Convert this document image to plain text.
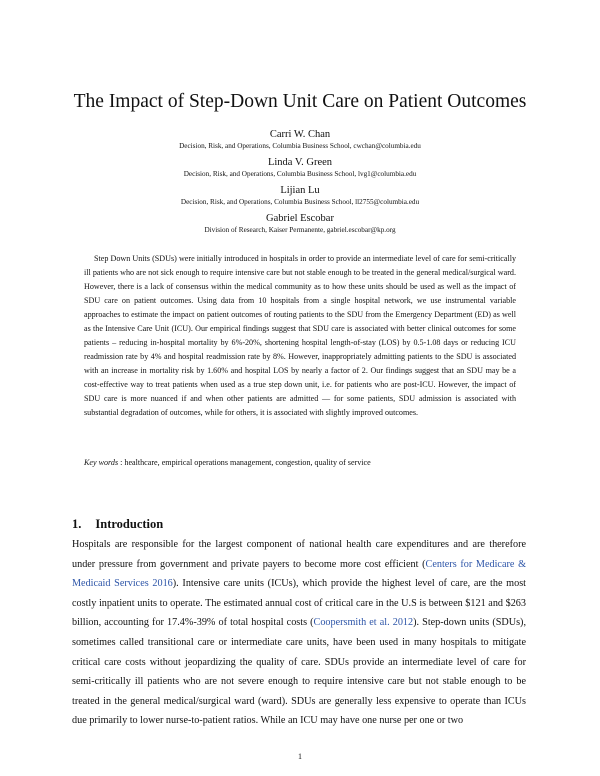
The Impact of Step-Down Unit Care on Patient Outcomes
Carri W. Chan
Decision, Risk, and Operations, Columbia Business School, cwchan@columbia.edu
Linda V. Green
Decision, Risk, and Operations, Columbia Business School, lvg1@columbia.edu
Lijian Lu
Decision, Risk, and Operations, Columbia Business School, ll2755@columbia.edu
Gabriel Escobar
Division of Research, Kaiser Permanente, gabriel.escobar@kp.org

Step Down Units (SDUs) were initially introduced in hospitals in order to provide an intermediate level of care for semi-critically ill patients who are not sick enough to require intensive care but not stable enough to be treated in the general medical/surgical ward. However, there is a lack of consensus within the medical community as to how these units should be used as well as the impact of SDU care on patient outcomes. Using data from 10 hospitals from a single hospital network, we use instrumental variable approaches to estimate the impact on patient outcomes of routing patients to the SDU from the Emergency Department (ED) as well as the Intensive Care Unit (ICU). Our empirical findings suggest that SDU care is associated with better clinical outcomes for some patients – reducing in-hospital mortality by 6%-20%, shortening hospital length-of-stay (LOS) by 0.5-1.08 days or reducing ICU readmission rate by 4% and hospital readmission rate by 8%. However, inappropriately admitting patients to the SDU is associated with an increase in mortality risk by 1.60% and hospital LOS by nearly a factor of 2. Our findings suggest that an SDU may be a cost-effective way to treat patients when used as a true step down unit, i.e. for patients who are post-ICU. However, the impact of SDU care is more nuanced if and when other patients are admitted — for some patients, SDU admission is associated with substantial degradation of outcomes, while for others, it is associated with slightly improved outcomes.

Key words : healthcare, empirical operations management, congestion, quality of service
1. Introduction

Hospitals are responsible for the largest component of national health care expenditures and are therefore under pressure from government and private payers to become more cost efficient (Centers for Medicare & Medicaid Services 2016). Intensive care units (ICUs), which provide the highest level of care, are the most costly inpatient units to operate. The estimated annual cost of critical care in the U.S is between $121 and $263 billion, accounting for 17.4%-39% of total hospital costs (Coopersmith et al. 2012). Step-down units (SDUs), sometimes called transitional care or intermediate care units, have been used in many hospitals to mitigate critical care costs without jeopardizing the quality of care. SDUs provide an intermediate level of care for semi-critically ill patients who are not severe enough to require intensive care but not stable enough to be treated in the general medical/surgical ward (ward). SDUs are generally less expensive to operate than ICUs due primarily to lower nurse-to-patient ratios. While an ICU may have one nurse per one or two

1
